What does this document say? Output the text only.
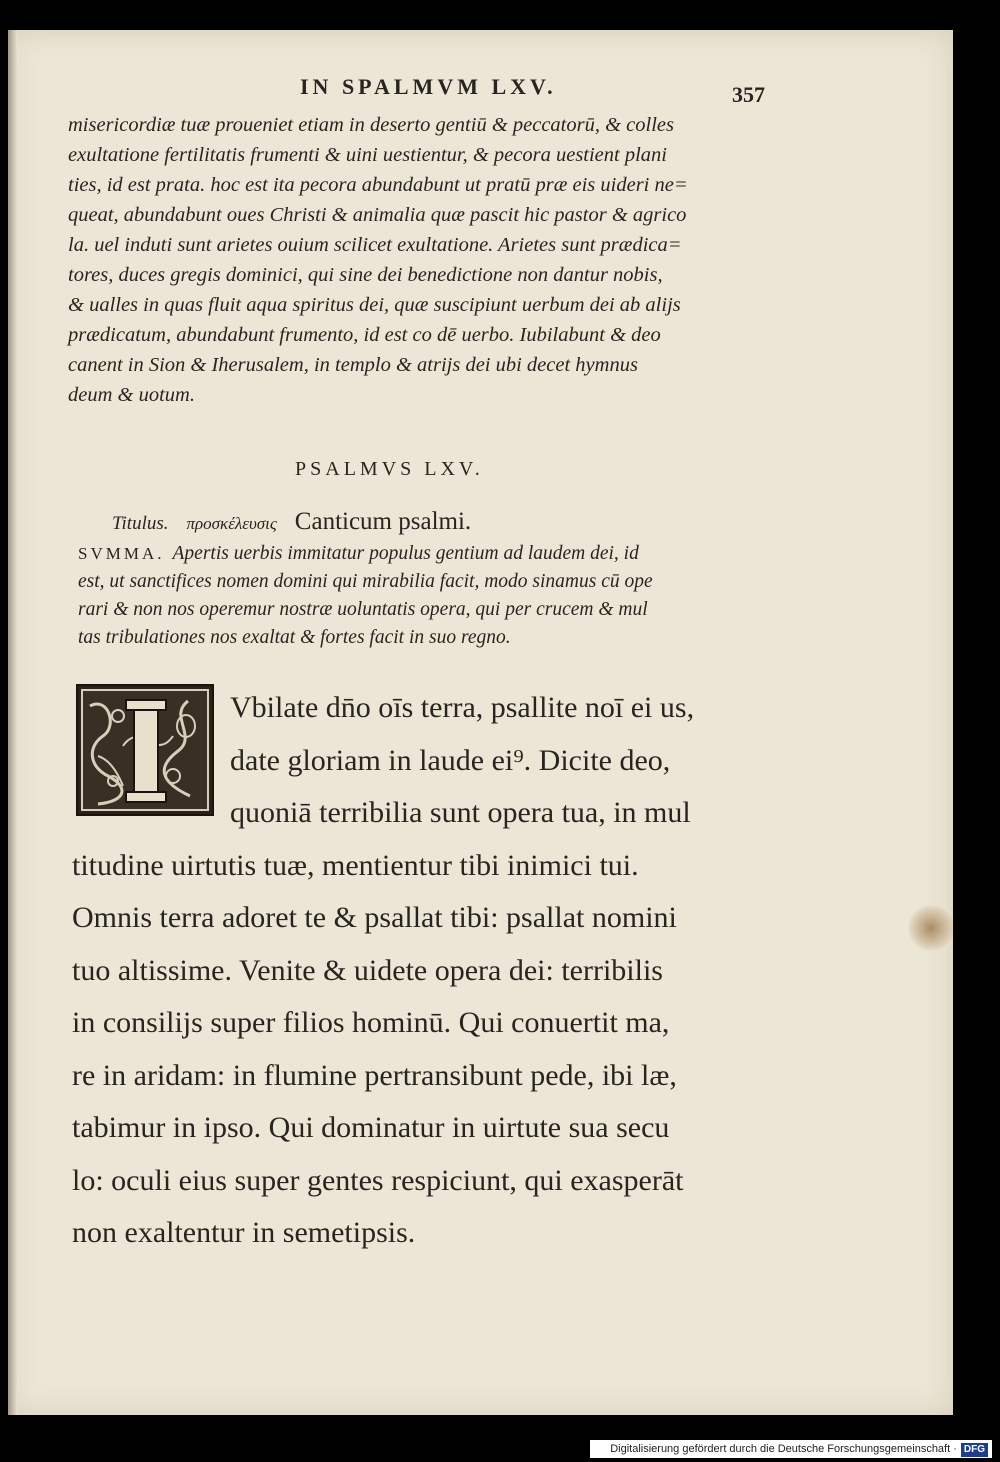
IN SPALMVM LXV.	357
misericordiæ tuæ proueniet etiam in deserto gentiū & peccatorū, & colles
exultatione fertilitatis frumenti & uini uestientur, & pecora uestient plani
ties, id est prata. hoc est ita pecora abundabunt ut pratū præ eis uideri ne=
queat, abundabunt oues Christi & animalia quæ pascit hic pastor & agrico
la. uel induti sunt arietes ouium scilicet exultatione. Arietes sunt prædica=
tores, duces gregis dominici, qui sine dei benedictione non dantur nobis,
& ualles in quas fluit aqua spiritus dei, quæ suscipiunt uerbum dei ab alijs
prædicatum, abundabunt frumento, id est co dē uerbo. Iubilabunt & deo
canent in Sion & Iherusalem, in templo & atrijs dei ubi decet hymnus
deum & uotum.
PSALMVS LXV.
Titulus. προσκέλευσις Canticum psalmi.
SVMMA. Apertis uerbis immitatur populus gentium ad laudem dei, id
est, ut sanctifices nomen domini qui mirabilia facit, modo sinamus cū ope
rari & non nos operemur nostræ uoluntatis opera, qui per crucem & mul
tas tribulationes nos exaltat & fortes facit in suo regno.
Vbilate dn̄o oīs terra, psallite noī ei us,
date gloriam in laude ei⁹. Dicite deo,
quoniā terribilia sunt opera tua, in mul
titudine uirtutis tuæ, mentientur tibi inimici tui.
Omnis terra adoret te & psallat tibi: psallat nomini
tuo altissime. Venite & uidete opera dei: terribilis
in consilijs super filios hominū. Qui conuertit ma,
re in aridam: in flumine pertransibunt pede, ibi læ,
tabimur in ipso. Qui dominatur in uirtute sua secu
lo: oculi eius super gentes respiciunt, qui exasperāt
non exaltentur in semetipsis.
Digitalisierung gefördert durch die Deutsche Forschungsgemeinschaft · DFG
